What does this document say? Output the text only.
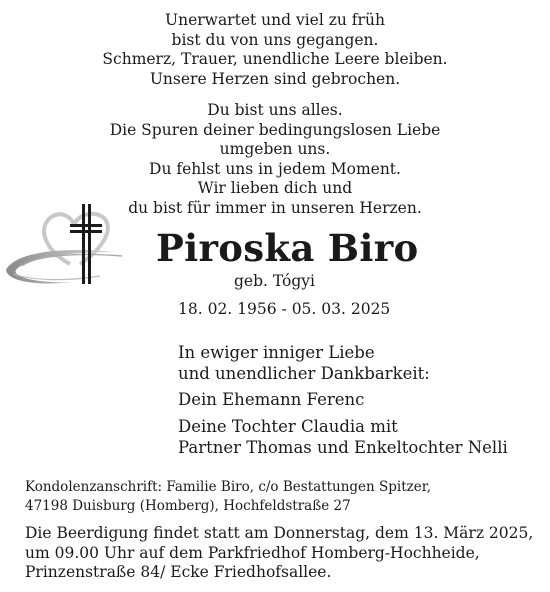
Unerwartet und viel zu früh
bist du von uns gegangen.
Schmerz, Trauer, unendliche Leere bleiben.
Unsere Herzen sind gebrochen.
Du bist uns alles.
Die Spuren deiner bedingungslosen Liebe
umgeben uns.
Du fehlst uns in jedem Moment.
Wir lieben dich und
du bist für immer in unseren Herzen.
Piroska Biro
geb. Tógyi
18. 02. 1956 - 05. 03. 2025
In ewiger inniger Liebe
und unendlicher Dankbarkeit:
Dein Ehemann Ferenc
Deine Tochter Claudia mit
Partner Thomas und Enkeltochter Nelli
Kondolenzanschrift: Familie Biro, c/o Bestattungen Spitzer,
47198 Duisburg (Homberg), Hochfeldstraße 27
Die Beerdigung findet statt am Donnerstag, dem 13. März 2025,
um 09.00 Uhr auf dem Parkfriedhof Homberg-Hochheide,
Prinzenstraße 84/ Ecke Friedhofsallee.
